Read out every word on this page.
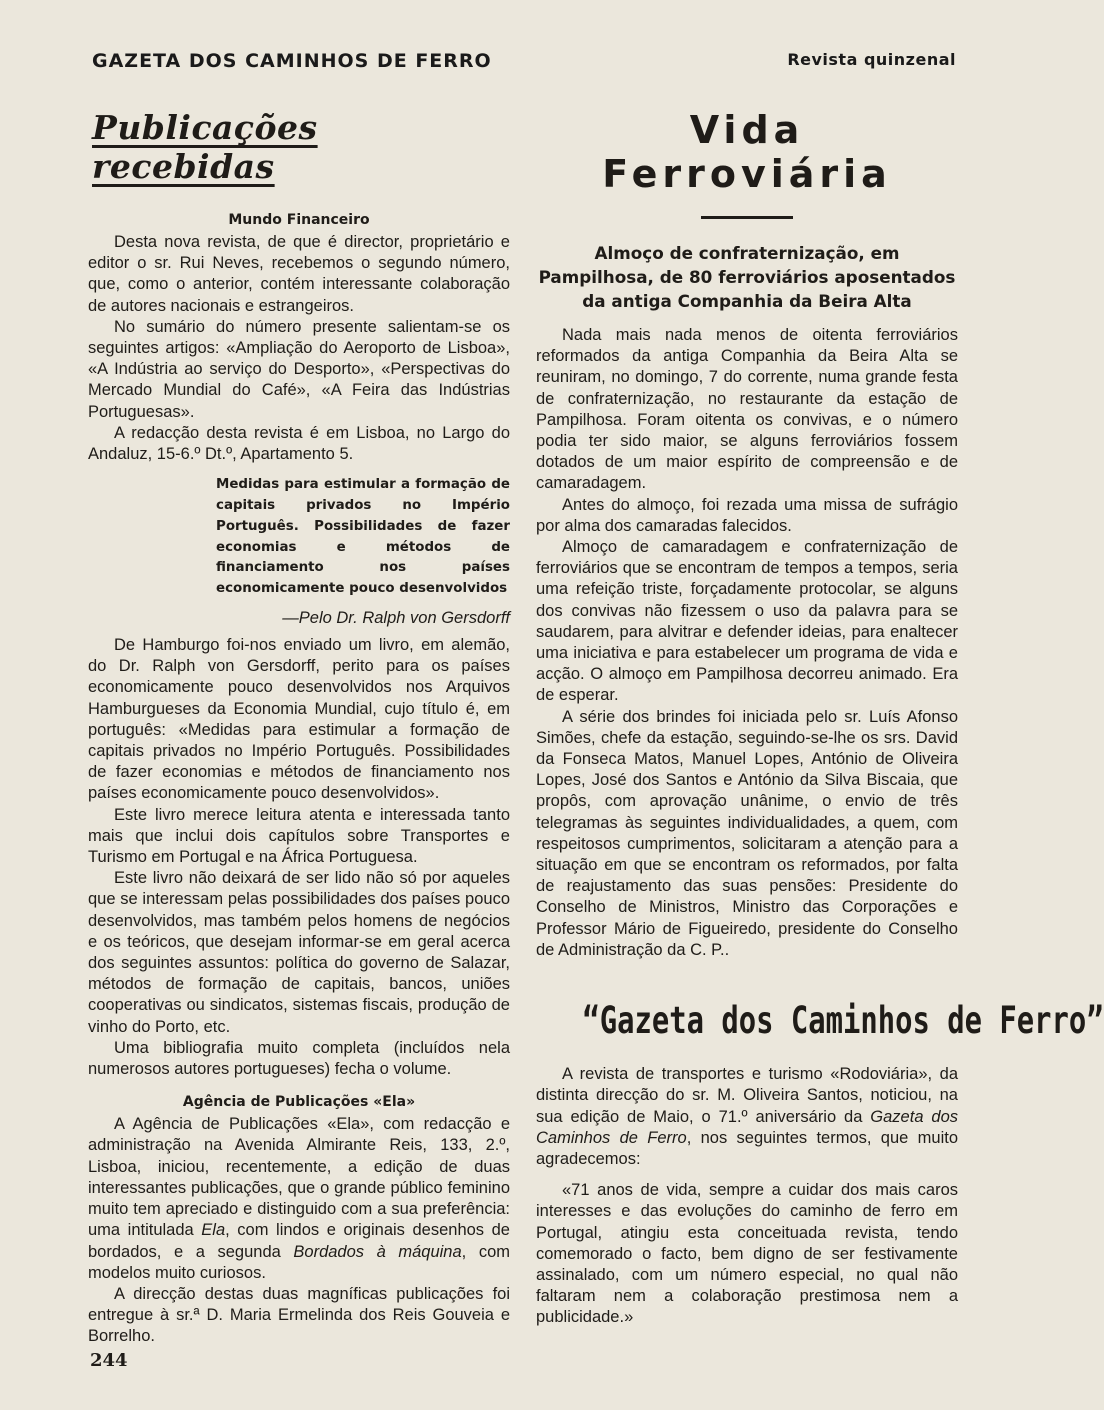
GAZETA DOS CAMINHOS DE FERRO	Revista quinzenal
Publicações recebidas
Mundo Financeiro

Desta nova revista, de que é director, proprietário e editor o sr. Rui Neves, recebemos o segundo número, que, como o anterior, contém interessante colaboração de autores nacionais e estrangeiros.

No sumário do número presente salientam-se os seguintes artigos: «Ampliação do Aeroporto de Lisboa», «A Indústria ao serviço do Desporto», «Perspectivas do Mercado Mundial do Café», «A Feira das Indústrias Portuguesas».

A redacção desta revista é em Lisboa, no Largo do Andaluz, 15-6.º Dt.º, Apartamento 5.

Medidas para estimular a formação de capitais privados no Império Português. Possibilidades de fazer economias e métodos de financiamento nos países economicamente pouco desenvolvidos
—Pelo Dr. Ralph von Gersdorff

De Hamburgo foi-nos enviado um livro, em alemão, do Dr. Ralph von Gersdorff, perito para os países economicamente pouco desenvolvidos nos Arquivos Hamburgueses da Economia Mundial, cujo título é, em português: «Medidas para estimular a formação de capitais privados no Império Português. Possibilidades de fazer economias e métodos de financiamento nos países economicamente pouco desenvolvidos».

Este livro merece leitura atenta e interessada tanto mais que inclui dois capítulos sobre Transportes e Turismo em Portugal e na África Portuguesa.

Este livro não deixará de ser lido não só por aqueles que se interessam pelas possibilidades dos países pouco desenvolvidos, mas também pelos homens de negócios e os teóricos, que desejam informar-se em geral acerca dos seguintes assuntos: política do governo de Salazar, métodos de formação de capitais, bancos, uniões cooperativas ou sindicatos, sistemas fiscais, produção de vinho do Porto, etc.

Uma bibliografia muito completa (incluídos nela numerosos autores portugueses) fecha o volume.

Agência de Publicações «Ela»

A Agência de Publicações «Ela», com redacção e administração na Avenida Almirante Reis, 133, 2.º, Lisboa, iniciou, recentemente, a edição de duas interessantes publicações, que o grande público feminino muito tem apreciado e distinguido com a sua preferência: uma intitulada Ela, com lindos e originais desenhos de bordados, e a segunda Bordados à máquina, com modelos muito curiosos.

A direcção destas duas magníficas publicações foi entregue à sr.ª D. Maria Ermelinda dos Reis Gouveia e Borrelho.

Vida Ferroviária
Almoço de confraternização, em Pampilhosa, de 80 ferroviários aposentados da antiga Companhia da Beira Alta

Nada mais nada menos de oitenta ferroviários reformados da antiga Companhia da Beira Alta se reuniram, no domingo, 7 do corrente, numa grande festa de confraternização, no restaurante da estação de Pampilhosa. Foram oitenta os convivas, e o número podia ter sido maior, se alguns ferroviários fossem dotados de um maior espírito de compreensão e de camaradagem.

Antes do almoço, foi rezada uma missa de sufrágio por alma dos camaradas falecidos.

Almoço de camaradagem e confraternização de ferroviários que se encontram de tempos a tempos, seria uma refeição triste, forçadamente protocolar, se alguns dos convivas não fizessem o uso da palavra para se saudarem, para alvitrar e defender ideias, para enaltecer uma iniciativa e para estabelecer um programa de vida e acção. O almoço em Pampilhosa decorreu animado. Era de esperar.

A série dos brindes foi iniciada pelo sr. Luís Afonso Simões, chefe da estação, seguindo-se-lhe os srs. David da Fonseca Matos, Manuel Lopes, António de Oliveira Lopes, José dos Santos e António da Silva Biscaia, que propôs, com aprovação unânime, o envio de três telegramas às seguintes individualidades, a quem, com respeitosos cumprimentos, solicitaram a atenção para a situação em que se encontram os reformados, por falta de reajustamento das suas pensões: Presidente do Conselho de Ministros, Ministro das Corporações e Professor Mário de Figueiredo, presidente do Conselho de Administração da C. P..

“Gazeta dos Caminhos de Ferro”

A revista de transportes e turismo «Rodoviária», da distinta direcção do sr. M. Oliveira Santos, noticiou, na sua edição de Maio, o 71.º aniversário da Gazeta dos Caminhos de Ferro, nos seguintes termos, que muito agradecemos:

«71 anos de vida, sempre a cuidar dos mais caros interesses e das evoluções do caminho de ferro em Portugal, atingiu esta conceituada revista, tendo comemorado o facto, bem digno de ser festivamente assinalado, com um número especial, no qual não faltaram nem a colaboração prestimosa nem a publicidade.»

244
